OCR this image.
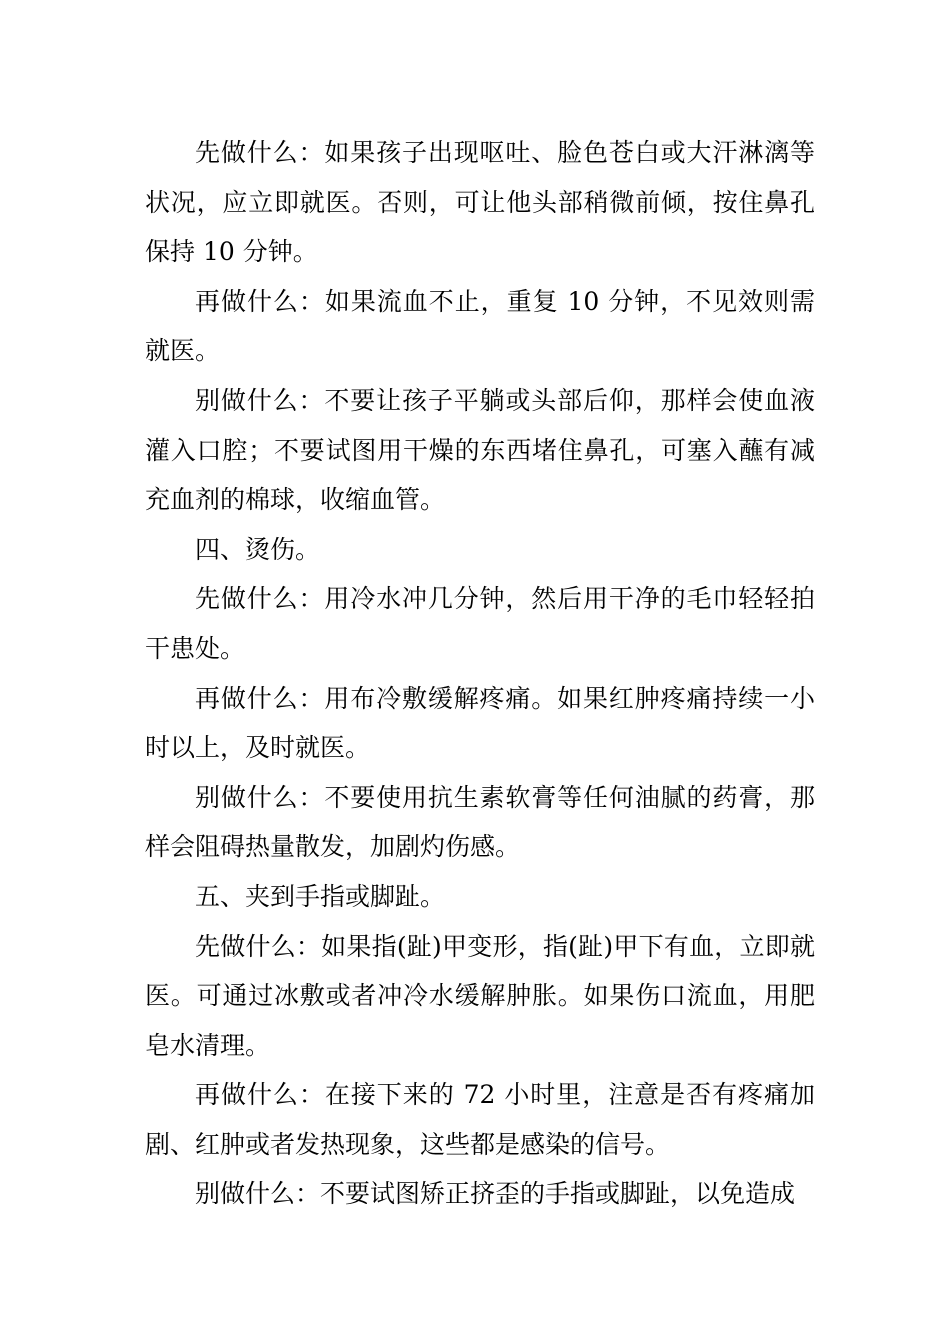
先做什么：如果孩子出现呕吐、脸色苍白或大汗淋漓等状况，应立即就医。否则，可让他头部稍微前倾，按住鼻孔保持 10 分钟。

再做什么：如果流血不止，重复 10 分钟，不见效则需就医。

别做什么：不要让孩子平躺或头部后仰，那样会使血液灌入口腔；不要试图用干燥的东西堵住鼻孔，可塞入蘸有减充血剂的棉球，收缩血管。

四、烫伤。

先做什么：用冷水冲几分钟，然后用干净的毛巾轻轻拍干患处。

再做什么：用布冷敷缓解疼痛。如果红肿疼痛持续一小时以上，及时就医。

别做什么：不要使用抗生素软膏等任何油腻的药膏，那样会阻碍热量散发，加剧灼伤感。

五、夹到手指或脚趾。

先做什么：如果指(趾)甲变形，指(趾)甲下有血，立即就医。可通过冰敷或者冲冷水缓解肿胀。如果伤口流血，用肥皂水清理。

再做什么：在接下来的 72 小时里，注意是否有疼痛加剧、红肿或者发热现象，这些都是感染的信号。

别做什么：不要试图矫正挤歪的手指或脚趾，以免造成
